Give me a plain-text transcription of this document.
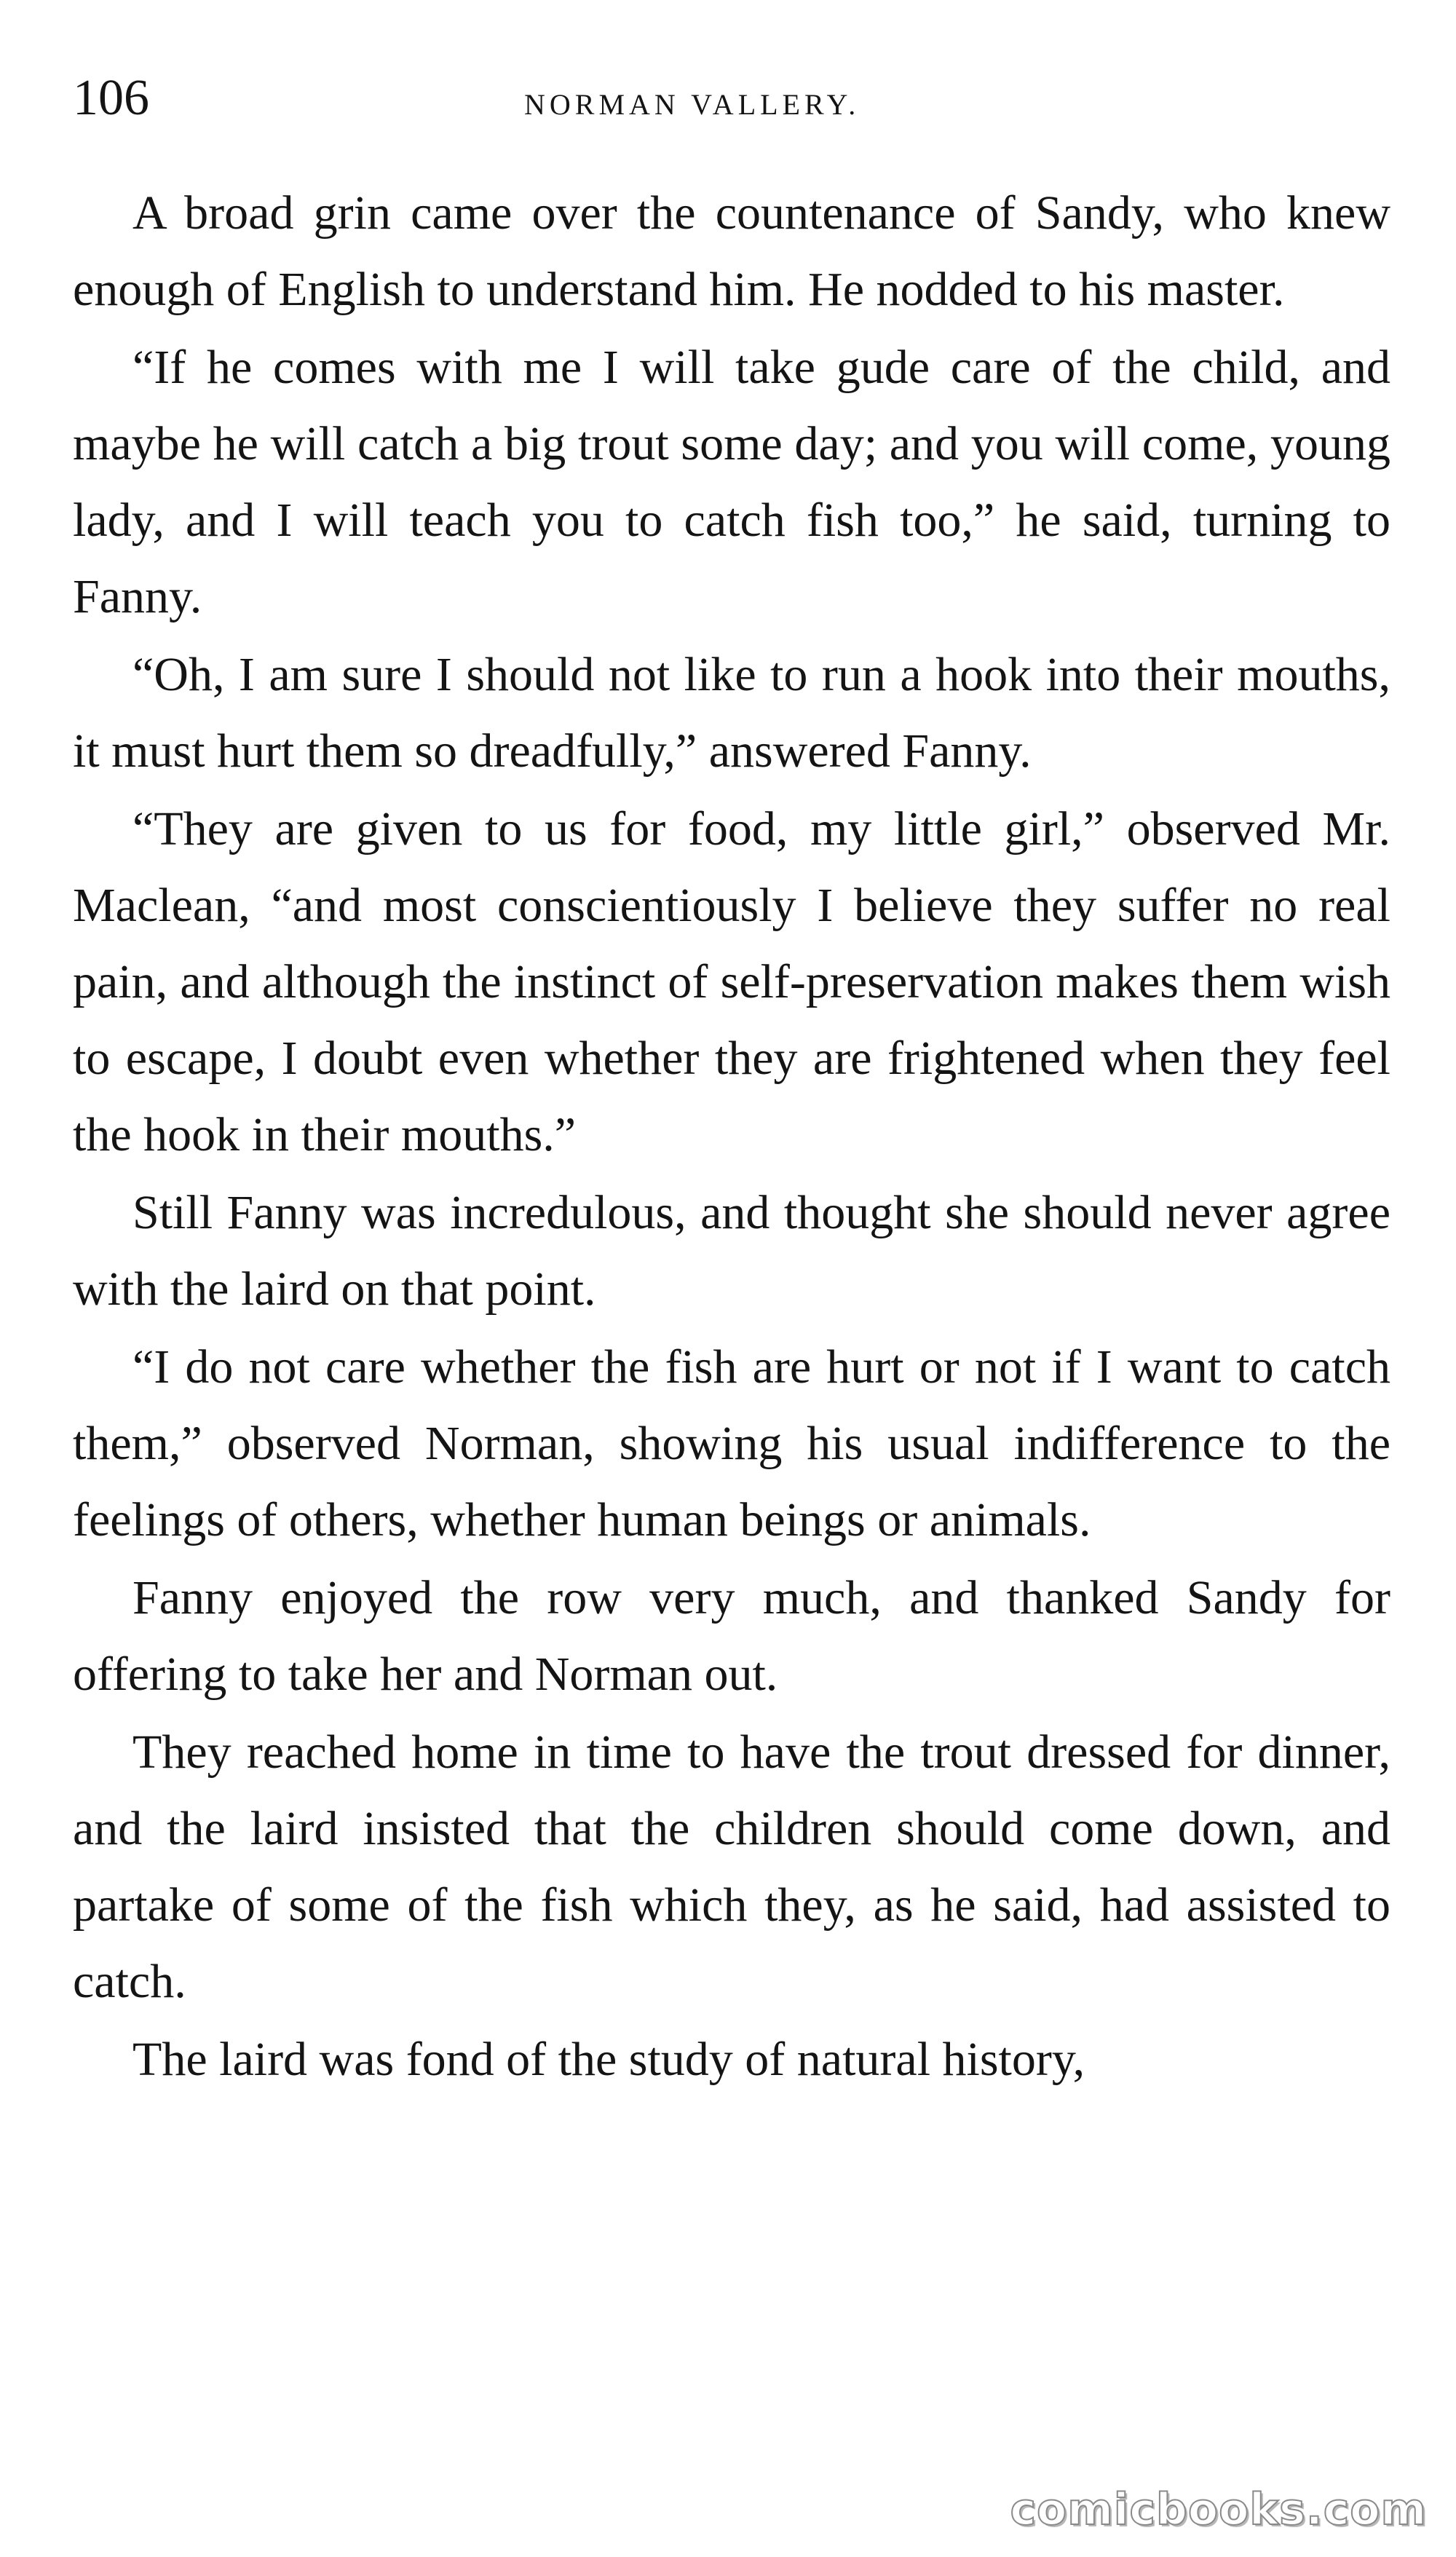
106	NORMAN VALLERY.

A broad grin came over the countenance of Sandy, who knew enough of English to understand him. He nodded to his master.

“If he comes with me I will take gude care of the child, and maybe he will catch a big trout some day; and you will come, young lady, and I will teach you to catch fish too,” he said, turning to Fanny.

“Oh, I am sure I should not like to run a hook into their mouths, it must hurt them so dreadfully,” answered Fanny.

“They are given to us for food, my little girl,” observed Mr. Maclean, “and most conscientiously I believe they suffer no real pain, and although the instinct of self-preservation makes them wish to escape, I doubt even whether they are frightened when they feel the hook in their mouths.”

Still Fanny was incredulous, and thought she should never agree with the laird on that point.

“I do not care whether the fish are hurt or not if I want to catch them,” observed Norman, showing his usual indifference to the feelings of others, whether human beings or animals.

Fanny enjoyed the row very much, and thanked Sandy for offering to take her and Norman out.

They reached home in time to have the trout dressed for dinner, and the laird insisted that the children should come down, and partake of some of the fish which they, as he said, had assisted to catch.

The laird was fond of the study of natural history,

comicbooks.com
